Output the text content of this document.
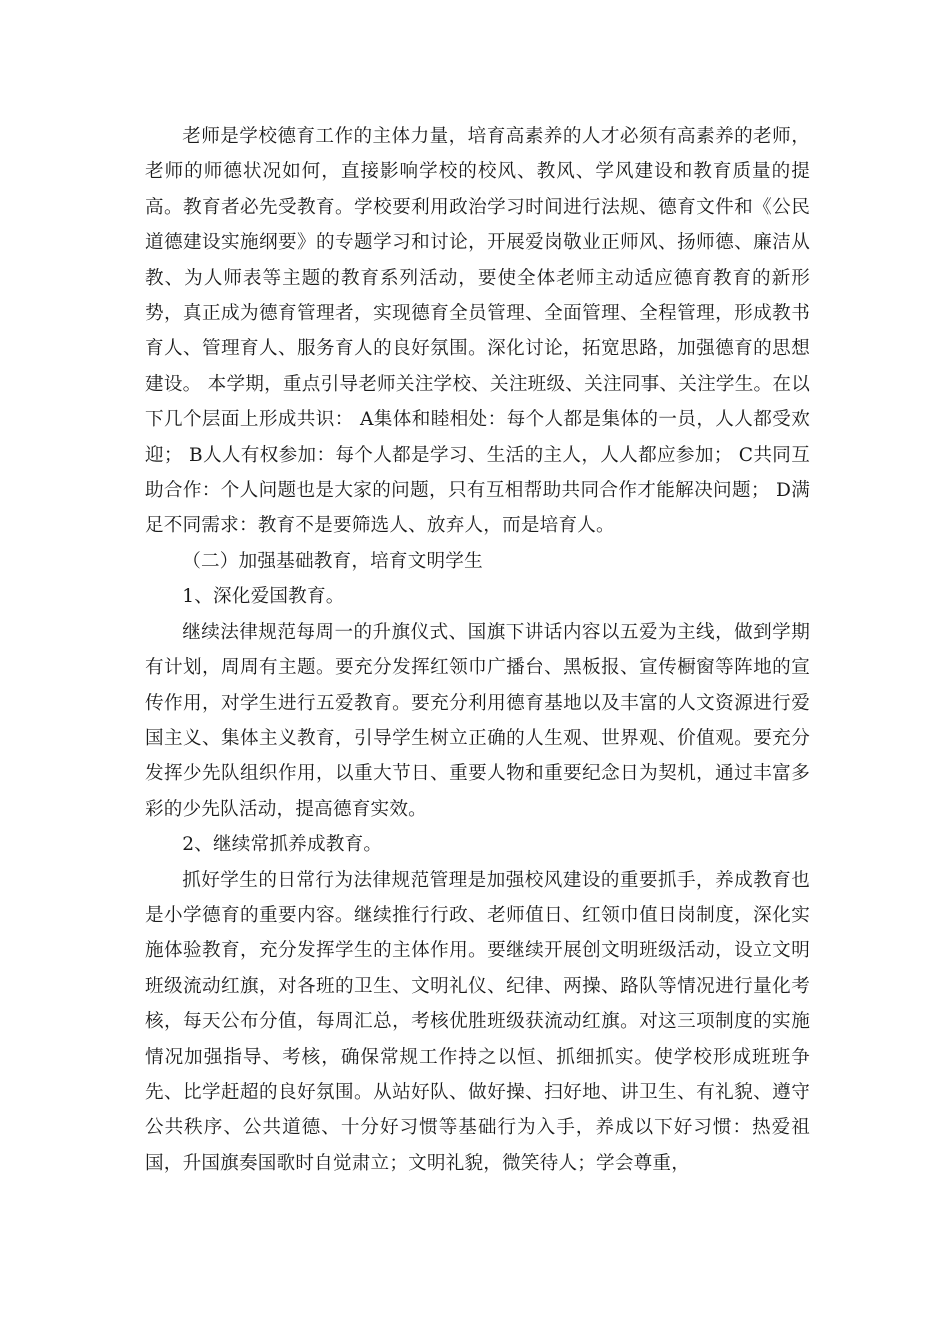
老师是学校德育工作的主体力量，培育高素养的人才必须有高素养的老师，老师的师德状况如何，直接影响学校的校风、教风、学风建设和教育质量的提高。教育者必先受教育。学校要利用政治学习时间进行法规、德育文件和《公民道德建设实施纲要》的专题学习和讨论，开展爱岗敬业正师风、扬师德、廉洁从教、为人师表等主题的教育系列活动，要使全体老师主动适应德育教育的新形势，真正成为德育管理者，实现德育全员管理、全面管理、全程管理，形成教书育人、管理育人、服务育人的良好氛围。深化讨论，拓宽思路，加强德育的思想建设。 本学期，重点引导老师关注学校、关注班级、关注同事、关注学生。在以下几个层面上形成共识： A集体和睦相处：每个人都是集体的一员，人人都受欢迎； B人人有权参加：每个人都是学习、生活的主人，人人都应参加； C共同互助合作：个人问题也是大家的问题，只有互相帮助共同合作才能解决问题； D满足不同需求：教育不是要筛选人、放弃人，而是培育人。

（二）加强基础教育，培育文明学生

1、深化爱国教育。

继续法律规范每周一的升旗仪式、国旗下讲话内容以五爱为主线，做到学期有计划，周周有主题。要充分发挥红领巾广播台、黑板报、宣传橱窗等阵地的宣传作用，对学生进行五爱教育。要充分利用德育基地以及丰富的人文资源进行爱国主义、集体主义教育，引导学生树立正确的人生观、世界观、价值观。要充分发挥少先队组织作用，以重大节日、重要人物和重要纪念日为契机，通过丰富多彩的少先队活动，提高德育实效。

2、继续常抓养成教育。

抓好学生的日常行为法律规范管理是加强校风建设的重要抓手，养成教育也是小学德育的重要内容。继续推行行政、老师值日、红领巾值日岗制度，深化实施体验教育，充分发挥学生的主体作用。要继续开展创文明班级活动，设立文明班级流动红旗，对各班的卫生、文明礼仪、纪律、两操、路队等情况进行量化考核，每天公布分值，每周汇总，考核优胜班级获流动红旗。对这三项制度的实施情况加强指导、考核，确保常规工作持之以恒、抓细抓实。使学校形成班班争先、比学赶超的良好氛围。从站好队、做好操、扫好地、讲卫生、有礼貌、遵守公共秩序、公共道德、十分好习惯等基础行为入手，养成以下好习惯：热爱祖国，升国旗奏国歌时自觉肃立；文明礼貌，微笑待人；学会尊重，
